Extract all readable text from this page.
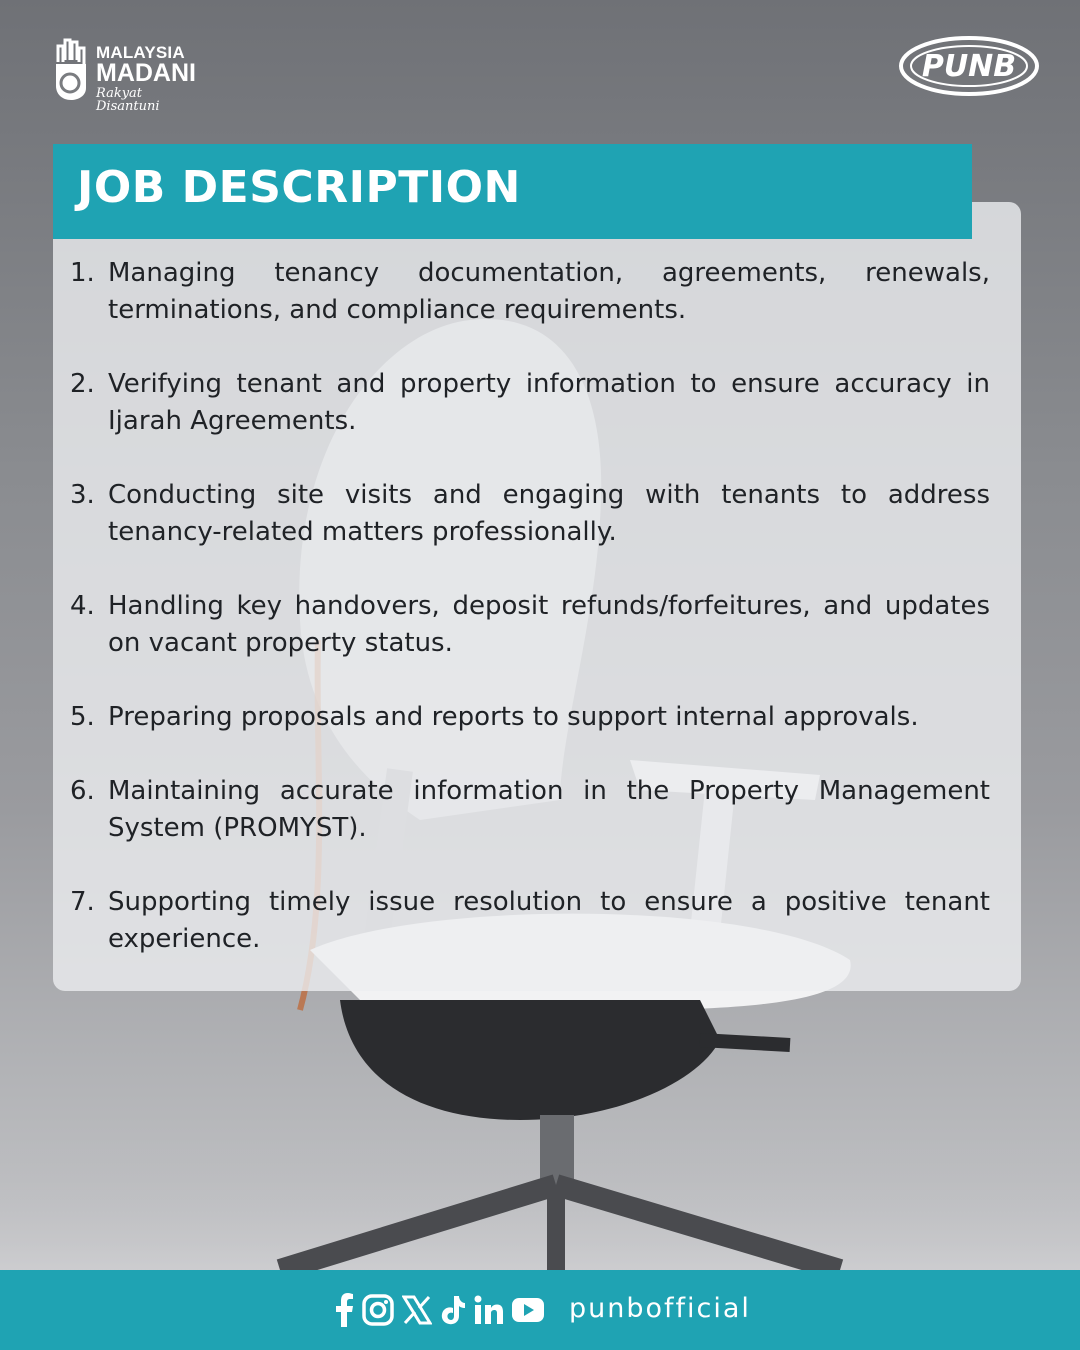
MALAYSIA
MADANI
Rakyat Disantuni
PUNB
JOB DESCRIPTION
1. Managing tenancy documentation, agreements, renewals, terminations, and compliance requirements.
2. Verifying tenant and property information to ensure accuracy in Ijarah Agreements.
3. Conducting site visits and engaging with tenants to address tenancy-related matters professionally.
4. Handling key handovers, deposit refunds/forfeitures, and updates on vacant property status.
5. Preparing proposals and reports to support internal approvals.
6. Maintaining accurate information in the Property Management System (PROMYST).
7. Supporting timely issue resolution to ensure a positive tenant experience.
punbofficial
